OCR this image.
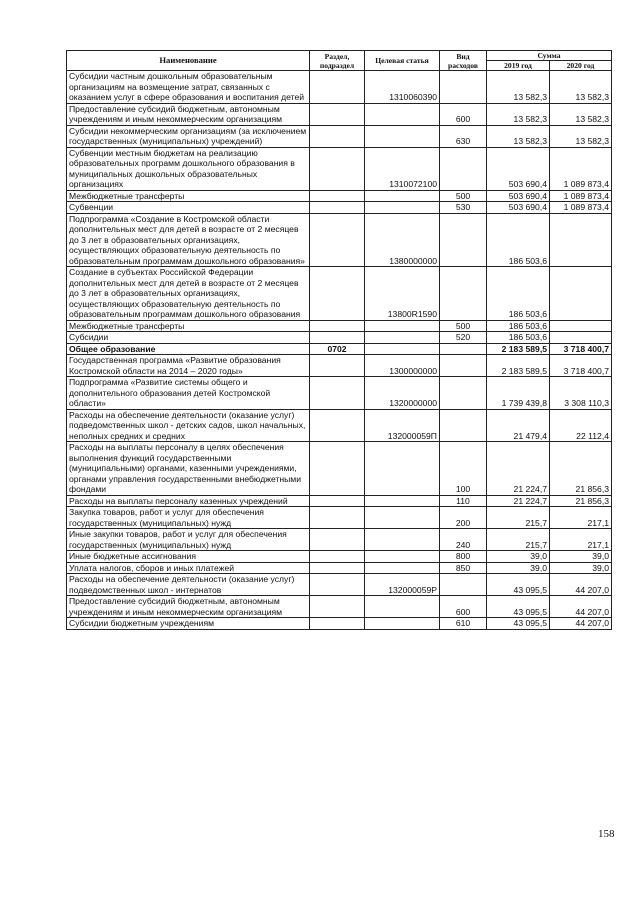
Наименование	Раздел, подраздел	Целевая статья	Вид расходов	Сумма	
				2019 год	2020 год
Субсидии частным дошкольным образовательным организациям на возмещение затрат, связанных с оказанием услуг в сфере образования и воспитания детей		1310060390		13 582,3	13 582,3
Предоставление субсидий бюджетным, автономным учреждениям и иным некоммерческим организациям			600	13 582,3	13 582,3
Субсидии некоммерческим организациям (за исключением государственных (муниципальных) учреждений)			630	13 582,3	13 582,3
Субвенции местным бюджетам на реализацию образовательных программ дошкольного образования в муниципальных дошкольных образовательных организациях		1310072100		503 690,4	1 089 873,4
Межбюджетные трансферты			500	503 690,4	1 089 873,4
Субвенции			530	503 690,4	1 089 873,4
Подпрограмма «Создание в Костромской области дополнительных мест для детей в возрасте от 2 месяцев до 3 лет в образовательных организациях, осуществляющих образовательную деятельность по образовательным программам дошкольного образования»		1380000000		186 503,6	
Создание в субъектах Российской Федерации дополнительных мест для детей в возрасте от 2 месяцев до 3 лет в образовательных организациях, осуществляющих образовательную деятельность по образовательным программам дошкольного образования		13800R1590		186 503,6	
Межбюджетные трансферты			500	186 503,6	
Субсидии			520	186 503,6	
Общее образование	0702			2 183 589,5	3 718 400,7
Государственная программа «Развитие образования Костромской области на 2014 – 2020 годы»		1300000000		2 183 589,5	3 718 400,7
Подпрограмма «Развитие системы общего и дополнительного образования детей Костромской области»		1320000000		1 739 439,8	3 308 110,3
Расходы на обеспечение деятельности (оказание услуг) подведомственных школ - детских садов, школ начальных, неполных средних и средних		132000059П		21 479,4	22 112,4
Расходы на выплаты персоналу в целях обеспечения выполнения функций государственными (муниципальными) органами, казенными учреждениями, органами управления государственными внебюджетными фондами			100	21 224,7	21 856,3
Расходы на выплаты персоналу казенных учреждений			110	21 224,7	21 856,3
Закупка товаров, работ и услуг для обеспечения государственных (муниципальных) нужд			200	215,7	217,1
Иные закупки товаров, работ и услуг для обеспечения государственных (муниципальных) нужд			240	215,7	217,1
Иные бюджетные ассигнования			800	39,0	39,0
Уплата налогов, сборов и иных платежей			850	39,0	39,0
Расходы на обеспечение деятельности (оказание услуг) подведомственных школ - интернатов		132000059Р		43 095,5	44 207,0
Предоставление субсидий бюджетным, автономным учреждениям и иным некоммерческим организациям			600	43 095,5	44 207,0
Субсидии бюджетным учреждениям			610	43 095,5	44 207,0
158
